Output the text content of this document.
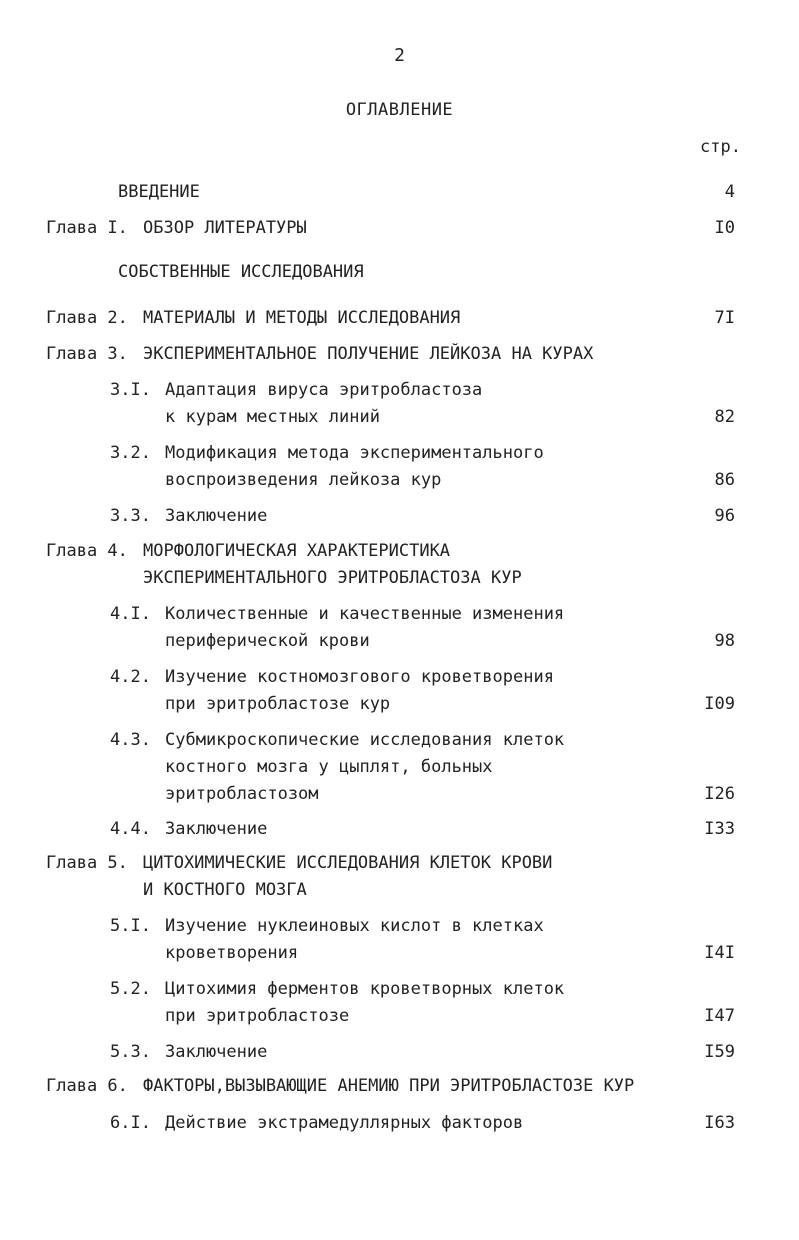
2
ОГЛАВЛЕНИЕ
стр.
ВВЕДЕНИЕ	4
Глава I. ОБЗОР ЛИТЕРАТУРЫ	I0
СОБСТВЕННЫЕ ИССЛЕДОВАНИЯ
Глава 2. МАТЕРИАЛЫ И МЕТОДЫ ИССЛЕДОВАНИЯ	7I
Глава 3. ЭКСПЕРИМЕНТАЛЬНОЕ ПОЛУЧЕНИЕ ЛЕЙКОЗА НА КУРАХ
3.I. Адаптация вируса эритробластоза
к курам местных линий	82
3.2. Модификация метода экспериментального
воспроизведения лейкоза кур	86
3.3. Заключение	96
Глава 4. МОРФОЛОГИЧЕСКАЯ ХАРАКТЕРИСТИКА
ЭКСПЕРИМЕНТАЛЬНОГО ЭРИТРОБЛАСТОЗА КУР
4.I. Количественные и качественные изменения
периферической крови	98
4.2. Изучение костномозгового кроветворения
при эритробластозе кур	I09
4.3. Субмикроскопические исследования клеток
костного мозга у цыплят, больных
эритробластозом	I26
4.4. Заключение	I33
Глава 5. ЦИТОХИМИЧЕСКИЕ ИССЛЕДОВАНИЯ КЛЕТОК КРОВИ
И КОСТНОГО МОЗГА
5.I. Изучение нуклеиновых кислот в клетках
кроветворения	I4I
5.2. Цитохимия ферментов кроветворных клеток
при эритробластозе	I47
5.3. Заключение	I59
Глава 6. ФАКТОРЫ,ВЫЗЫВАЮЩИЕ АНЕМИЮ ПРИ ЭРИТРОБЛАСТОЗЕ КУР
6.I. Действие экстрамедуллярных факторов	I63
